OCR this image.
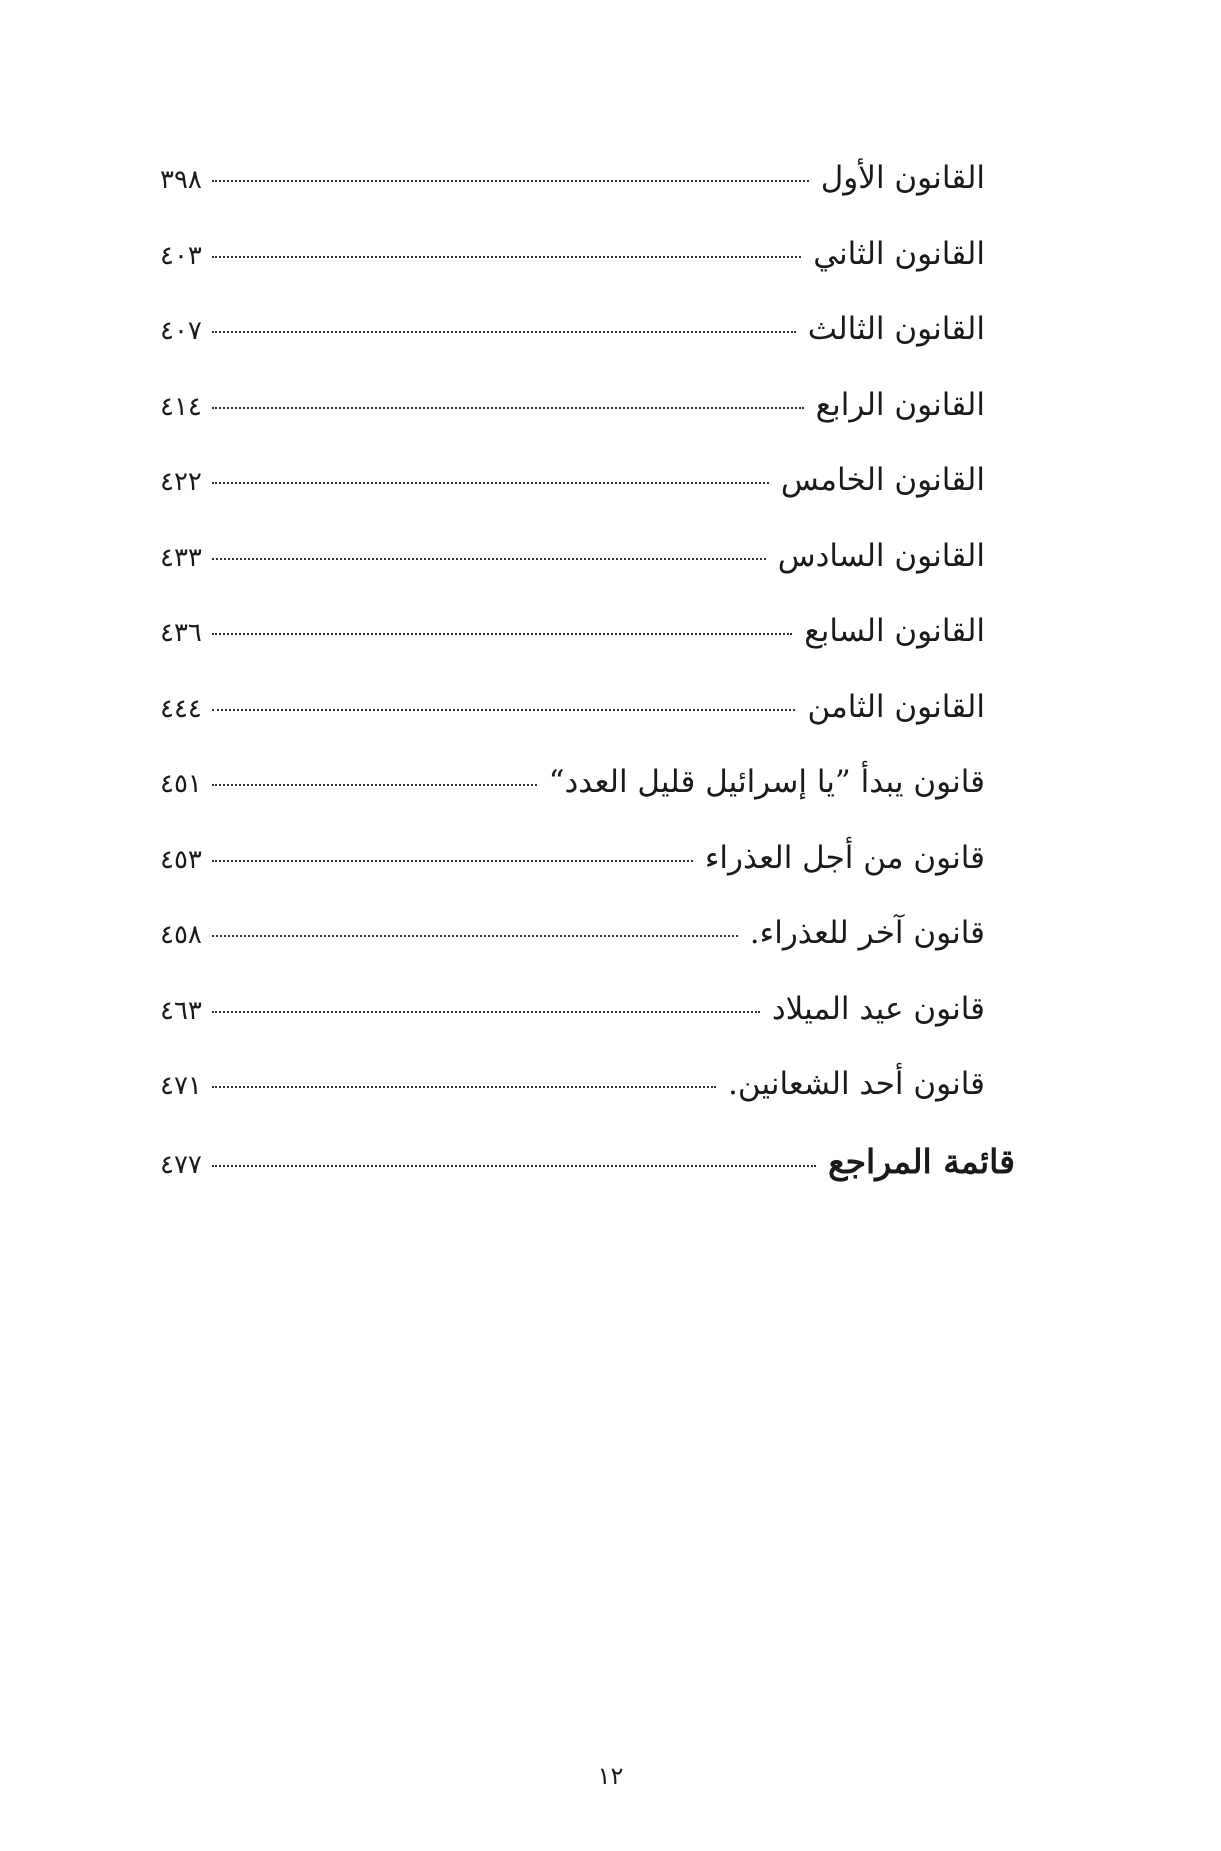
القانون الأول
٣٩٨
القانون الثاني
٤٠٣
القانون الثالث
٤٠٧
القانون الرابع
٤١٤
القانون الخامس
٤٢٢
القانون السادس
٤٣٣
القانون السابع
٤٣٦
القانون الثامن
٤٤٤
قانون يبدأ ”يا إسرائيل قليل العدد“
٤٥١
قانون من أجل العذراء
٤٥٣
قانون آخر للعذراء.
٤٥٨
قانون عيد الميلاد
٤٦٣
قانون أحد الشعانين.
٤٧١
قائمة المراجع
٤٧٧
١٢
